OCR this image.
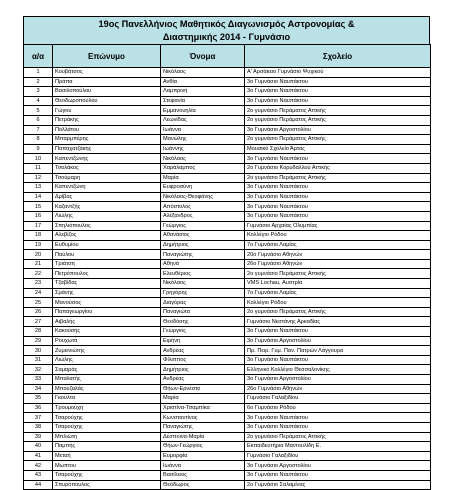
19ος Πανελλήνιος Μαθητικός Διαγωνισμός Αστρονομίας &
Διαστημικής 2014 - Γυμνάσιο
α/α	Επώνυμο	Όνομα	Σχολείο
1	Κουβάτσος	Νικόλαος	Α' Αρσάκειο Γυμνάσιο Ψυχικού
2	Πράπα	Ανθία	3ο Γυμνάσιο Ναυπάκτου
3	Βασιλοπούλου	Λαμπρινή	3ο Γυμνάσιο Ναυπάκτου
4	Θεοδωροπούλου	Στεφανία	3ο Γυμνάσιο Ναυπάκτου
5	Γώγου	Εμμανουηλία	2ο γυμνάσιο Περάματος Αττικής
6	Πετράκης	Λεωνίδας	2ο γυμνάσιο Περάματος Αττικής
7	Πολλάτου	Ιωάννα	3ο Γυμνάσιο Αργοστολίου
8	Μπαρμπέρης	Μανώλης	2ο γυμνάσιο Περάματος Αττικής
9	Παπαχατζάκης	Ιωάννης	Μουσικό Σχολείο Άρτας
10	Καπεντζώνης	Νικόλαος	3ο Γυμνάσιο Ναυπάκτου
11	Τσολάκος	Χαράλαμπος	2ο Γυμνάσιο Κορυδαλλού Αττικής
12	Τσούμαρη	Μαρία	2ο γυμνάσιο Περάματος Αττικής
13	Καπεντζώνη	Ευφροσύνη	3ο Γυμνάσιο Ναυπάκτου
14	Δρίβας	Νικόλαος-Θεοφάνης	3ο Γυμνάσιο Ναυπάκτου
15	Καζαντζής	Απόστολος	3ο Γυμνάσιο Ναυπάκτου
16	Λιώλης	Αλέξανδρος	3ο Γυμνάσιο Ναυπάκτου
17	Σπηλιόπουλος	Γεώργιος	Γυμνάσιο Αρχαίας Ολυμπίας
18	Αλεβίζος	Αθανάσιος	Κολλέγιο Ρόδου
19	Ευθυμίου	Δημήτριος	7ο Γυμνάσιο Λαμίας
20	Παύλου	Παναγιώτης	20ο Γυμνάσιο Αθηνών
21	Τριάτση	Αθηνά	26ο Γυμνάσιο Αθηνών
22	Πετρόπουλος	Ελευθέριος	2ο γυμνάσιο Περάματος Αττικής
23	Τζαβίδας	Νικόλαος	VMS Lochau, Αυστρία
24	Σμάνης	Γρηγόρης	7ο Γυμνάσιο Λαμίας
25	Μανούσος	Διαγόρας	Κολλέγιο Ρόδου
26	Παπαγεωργίου	Παναγιώτα	2ο γυμνάσιο Περάματος Αττικής
27	Αιβαλής	Θεοδόσης	Γυμνάσιο Νεστάνης Αρκαδίας
28	Κακούσης	Γεώργιος	3ο Γυμνάσιο Ναυπάκτου
29	Ρουχωτά	Ειρήνη	3ο Γυμνάσιο Αργοστολίου
30	Ζυμεινιώτης	Ανδρέας	Πρ. Πειρ. Γυμ. Παν. Πατρών Λάγγουρα
31	Λιώλης	Φίλιππος	3ο Γυμνάσιο Ναυπάκτου
32	Σαμαράς	Δημήτριος	Ελληνικό Κολλέγιο Θεσσαλονίκης
33	Μπαλατής	Ανδρέας	3ο Γυμνάσιο Αργοστολίου
34	Μπουζαλάς	Θήων-Ερνέστο	26ο Γυμνάσιο Αθηνών
35	Γκούλτα	Μαρία	Γυμνάσιο Γαλαξιδίου
36	Τρουμούχη	Χριστίνα-Τσαμπίκα	6ο Γυμνάσιο Ρόδου
37	Τσαρούχης	Κωνσταντίνος	3ο Γυμνάσιο Ναυπάκτου
38	Τσαρούχης	Παναγιώτης	3ο Γυμνάσιο Ναυπάκτου
39	Μπλιώτη	Δέσποινα-Μαρία	2ο γυμνάσιο Περάματος Αττικής
40	Παμπής	Θήων-Γεώργιος	Εκπαιδευτήρια Μαντουλίδη Ε.
41	Μεταή	Ευμορφία	Γυμνάσιο Γαλαξιδίου
42	Μωπτου	Ιωάννα	3ο Γυμνάσιο Αργοστολίου
43	Τσαρούχης	Βασίλειος	3ο Γυμνάσιο Ναυπάκτου
44	Σπυρόπουλος	Θεόδωρος	2ο Γυμνάσιο Σαλαμίνας
